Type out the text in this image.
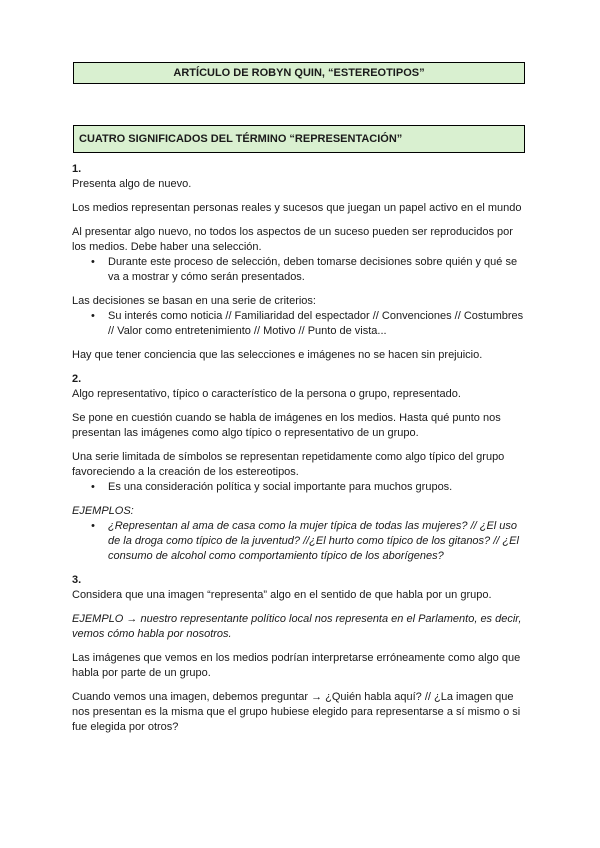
ARTÍCULO DE ROBYN QUIN, “ESTEREOTIPOS”
CUATRO SIGNIFICADOS DEL TÉRMINO “REPRESENTACIÓN”

1.

Presenta algo de nuevo.

Los medios representan personas reales y sucesos que juegan un papel activo en el mundo

Al presentar algo nuevo, no todos los aspectos de un suceso pueden ser reproducidos por los medios. Debe haber una selección.

• Durante este proceso de selección, deben tomarse decisiones sobre quién y qué se va a mostrar y cómo serán presentados.

Las decisiones se basan en una serie de criterios:

• Su interés como noticia // Familiaridad del espectador // Convenciones // Costumbres // Valor como entretenimiento // Motivo // Punto de vista...

Hay que tener conciencia que las selecciones e imágenes no se hacen sin prejuicio.

2.

Algo representativo, típico o característico de la persona o grupo, representado.

Se pone en cuestión cuando se habla de imágenes en los medios. Hasta qué punto nos presentan las imágenes como algo típico o representativo de un grupo.

Una serie limitada de símbolos se representan repetidamente como algo típico del grupo favoreciendo a la creación de los estereotipos.

• Es una consideración política y social importante para muchos grupos.

EJEMPLOS:

• ¿Representan al ama de casa como la mujer típica de todas las mujeres? // ¿El uso de la droga como típico de la juventud? //¿El hurto como típico de los gitanos? // ¿El consumo de alcohol como comportamiento típico de los aborígenes?

3.

Considera que una imagen “representa” algo en el sentido de que habla por un grupo.

EJEMPLO → nuestro representante político local nos representa en el Parlamento, es decir, vemos cómo habla por nosotros.

Las imágenes que vemos en los medios podrían interpretarse erróneamente como algo que habla por parte de un grupo.

Cuando vemos una imagen, debemos preguntar → ¿Quién habla aquí? // ¿La imagen que nos presentan es la misma que el grupo hubiese elegido para representarse a sí mismo o si fue elegida por otros?
